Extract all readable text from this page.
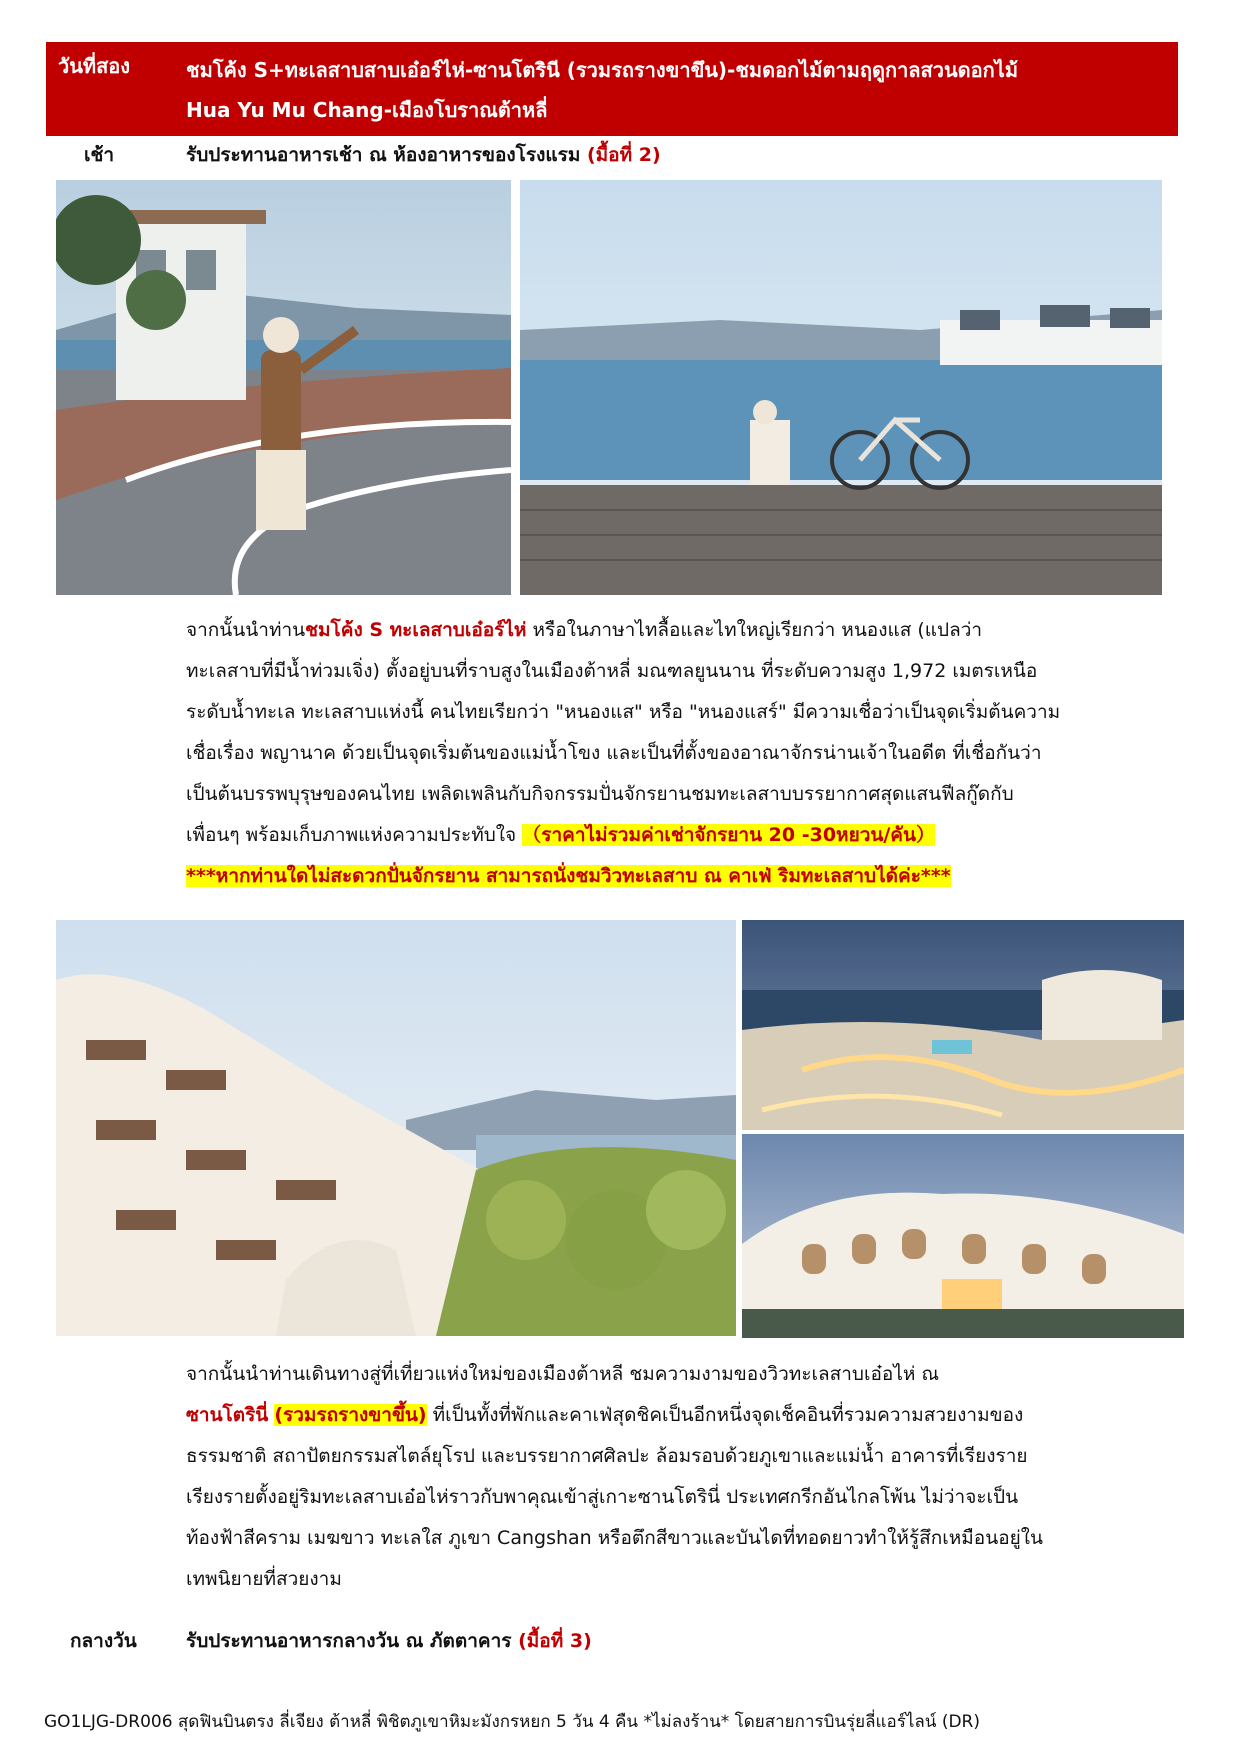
วันที่สอง	ชมโค้ง S+ทะเลสาบสาบเอ๋อร์ไห่-ซานโตรินี (รวมรถรางขาขึน)-ชมดอกไม้ตามฤดูกาลสวนดอกไม้
Hua Yu Mu Chang-เมืองโบราณต้าหลี่
เช้า	รับประทานอาหารเช้า ณ ห้องอาหารของโรงแรม (มื้อที่ 2)
จากนั้นนำท่านชมโค้ง S ทะเลสาบเอ๋อร์ไห่ หรือในภาษาไทลื้อและไทใหญ่เรียกว่า หนองแส (แปลว่า
ทะเลสาบที่มีน้ำท่วมเจิ่ง) ตั้งอยู่บนที่ราบสูงในเมืองต้าหลี่ มณฑลยูนนาน ที่ระดับความสูง 1,972 เมตรเหนือ
ระดับน้ำทะเล ทะเลสาบแห่งนี้ คนไทยเรียกว่า "หนองแส" หรือ "หนองแสร์" มีความเชื่อว่าเป็นจุดเริ่มต้นความ
เชื่อเรื่อง พญานาค ด้วยเป็นจุดเริ่มต้นของแม่น้ำโขง และเป็นที่ตั้งของอาณาจักรน่านเจ้าในอดีต ที่เชื่อกันว่า
เป็นต้นบรรพบุรุษของคนไทย เพลิดเพลินกับกิจกรรมปั่นจักรยานชมทะเลสาบบรรยากาศสุดแสนฟีลกู๊ดกับ
เพื่อนๆ พร้อมเก็บภาพแห่งความประทับใจ （ราคาไม่รวมค่าเช่าจักรยาน 20 -30หยวน/คัน）
***หากท่านใดไม่สะดวกปั่นจักรยาน สามารถนั่งชมวิวทะเลสาบ ณ คาเฟ่ ริมทะเลสาบได้ค่ะ***
จากนั้นนำท่านเดินทางสู่ที่เที่ยวแห่งใหม่ของเมืองต้าหลี ชมความงามของวิวทะเลสาบเอ๋อไห่ ณ
ซานโตรินี่ (รวมรถรางขาขึ้น) ที่เป็นทั้งที่พักและคาเฟ่สุดชิคเป็นอีกหนึ่งจุดเช็คอินที่รวมความสวยงามของ
ธรรมชาติ สถาปัตยกรรมสไตล์ยุโรป และบรรยากาศศิลปะ ล้อมรอบด้วยภูเขาและแม่น้ำ อาคารที่เรียงราย
เรียงรายตั้งอยู่ริมทะเลสาบเอ๋อไห่ราวกับพาคุณเข้าสู่เกาะซานโตรินี่ ประเทศกรีกอันไกลโพ้น ไม่ว่าจะเป็น
ท้องฟ้าสีคราม เมฆขาว ทะเลใส ภูเขา Cangshan หรือตึกสีขาวและบันไดที่ทอดยาวทำให้รู้สึกเหมือนอยู่ใน
เทพนิยายที่สวยงาม
กลางวัน	รับประทานอาหารกลางวัน ณ ภัตตาคาร (มื้อที่ 3)
GO1LJG-DR006 สุดฟินบินตรง ลี่เจียง ต้าหลี่ พิชิตภูเขาหิมะมังกรหยก 5 วัน 4 คืน *ไม่ลงร้าน* โดยสายการบินรุ่ยลี่แอร์ไลน์ (DR)
